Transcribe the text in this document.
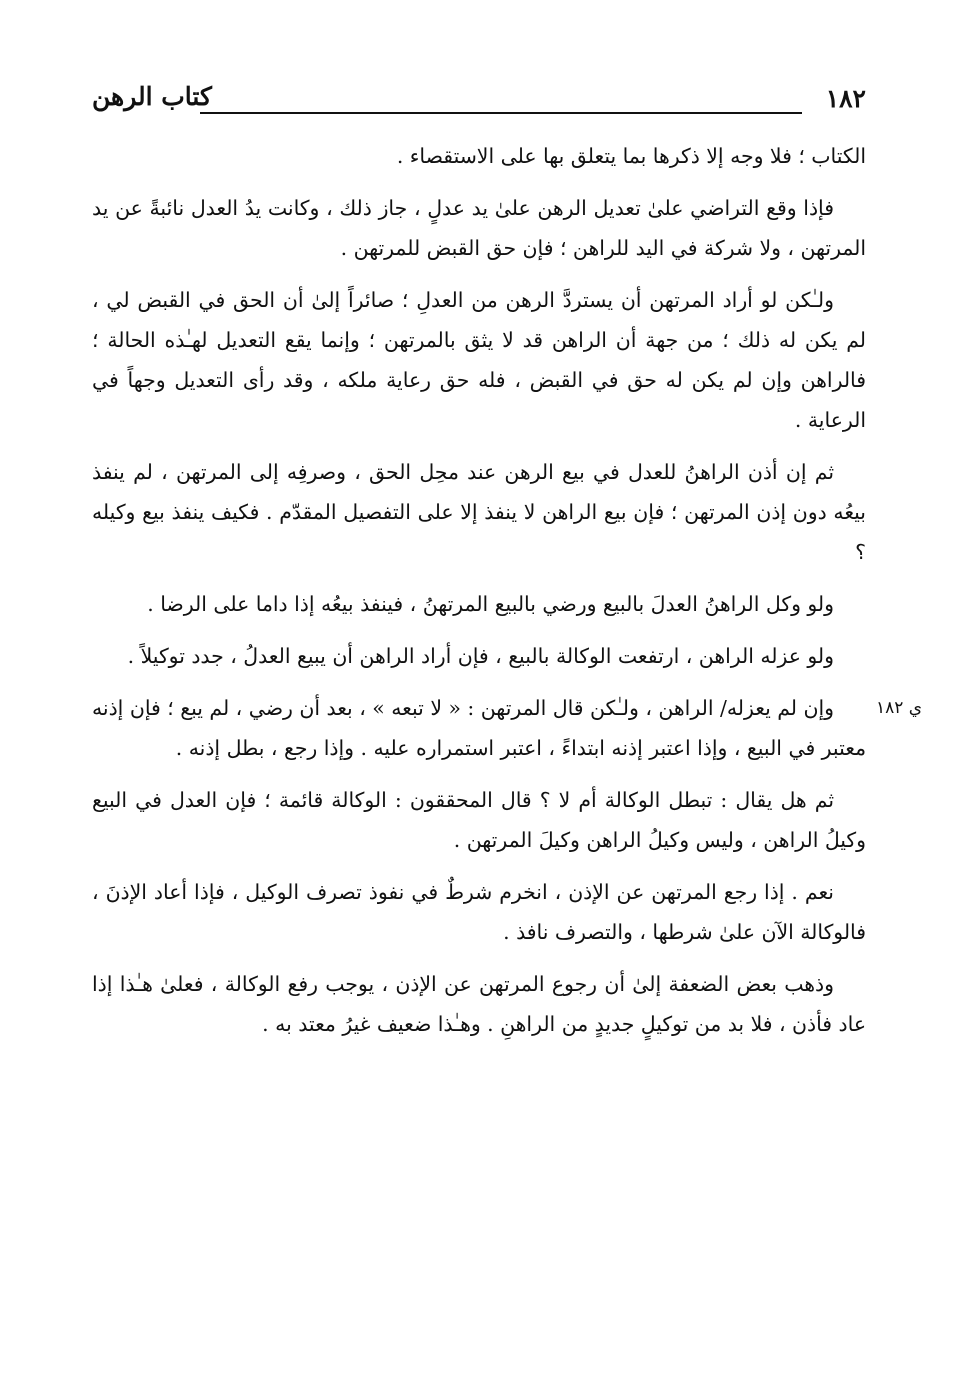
١٨٢
كتاب الرهن

الكتاب ؛ فلا وجه إلا ذكرها بما يتعلق بها على الاستقصاء .

فإذا وقع التراضي علىٰ تعديل الرهن علىٰ يد عدلٍ ، جاز ذلك ، وكانت يدُ العدل نائبةً عن يد المرتهن ، ولا شركة في اليد للراهن ؛ فإن حق القبض للمرتهن .

ولـٰكن لو أراد المرتهن أن يستردَّ الرهن من العدلِ ؛ صائراً إلىٰ أن الحق في القبض لي ، لم يكن له ذلك ؛ من جهة أن الراهن قد لا يثق بالمرتهن ؛ وإنما يقع التعديل لهـٰذه الحالة ؛ فالراهن وإن لم يكن له حق في القبض ، فله حق رعاية ملكه ، وقد رأى التعديل وجهاً في الرعاية .

ثم إن أذن الراهنُ للعدل في بيع الرهن عند محِل الحق ، وصرفِه إلى المرتهن ، لم ينفذ بيعُه دون إذن المرتهن ؛ فإن بيع الراهن لا ينفذ إلا على التفصيل المقدّم . فكيف ينفذ بيع وكيله ؟

ولو وكل الراهنُ العدلَ بالبيع ورضي بالبيع المرتهنُ ، فينفذ بيعُه إذا داما على الرضا .

ولو عزله الراهن ، ارتفعت الوكالة بالبيع ، فإن أراد الراهن أن يبيع العدلُ ، جدد توكيلاً .

ي ١٨٢

وإن لم يعزله/ الراهن ، ولـٰكن قال المرتهن : « لا تبعه » ، بعد أن رضي ، لم يبع ؛ فإن إذنه معتبر في البيع ، وإذا اعتبر إذنه ابتداءً ، اعتبر استمراره عليه . وإذا رجع ، بطل إذنه .

ثم هل يقال : تبطل الوكالة أم لا ؟ قال المحققون : الوكالة قائمة ؛ فإن العدل في البيع وكيلُ الراهن ، وليس وكيلُ الراهن وكيلَ المرتهن .

نعم . إذا رجع المرتهن عن الإذن ، انخرم شرطٌ في نفوذ تصرف الوكيل ، فإذا أعاد الإذنَ ، فالوكالة الآن علىٰ شرطها ، والتصرف نافذ .

وذهب بعض الضعفة إلىٰ أن رجوع المرتهن عن الإذن ، يوجب رفع الوكالة ، فعلىٰ هـٰذا إذا عاد فأذن ، فلا بد من توكيلٍ جديدٍ من الراهنِ . وهـٰذا ضعيف غيرُ معتد به .
